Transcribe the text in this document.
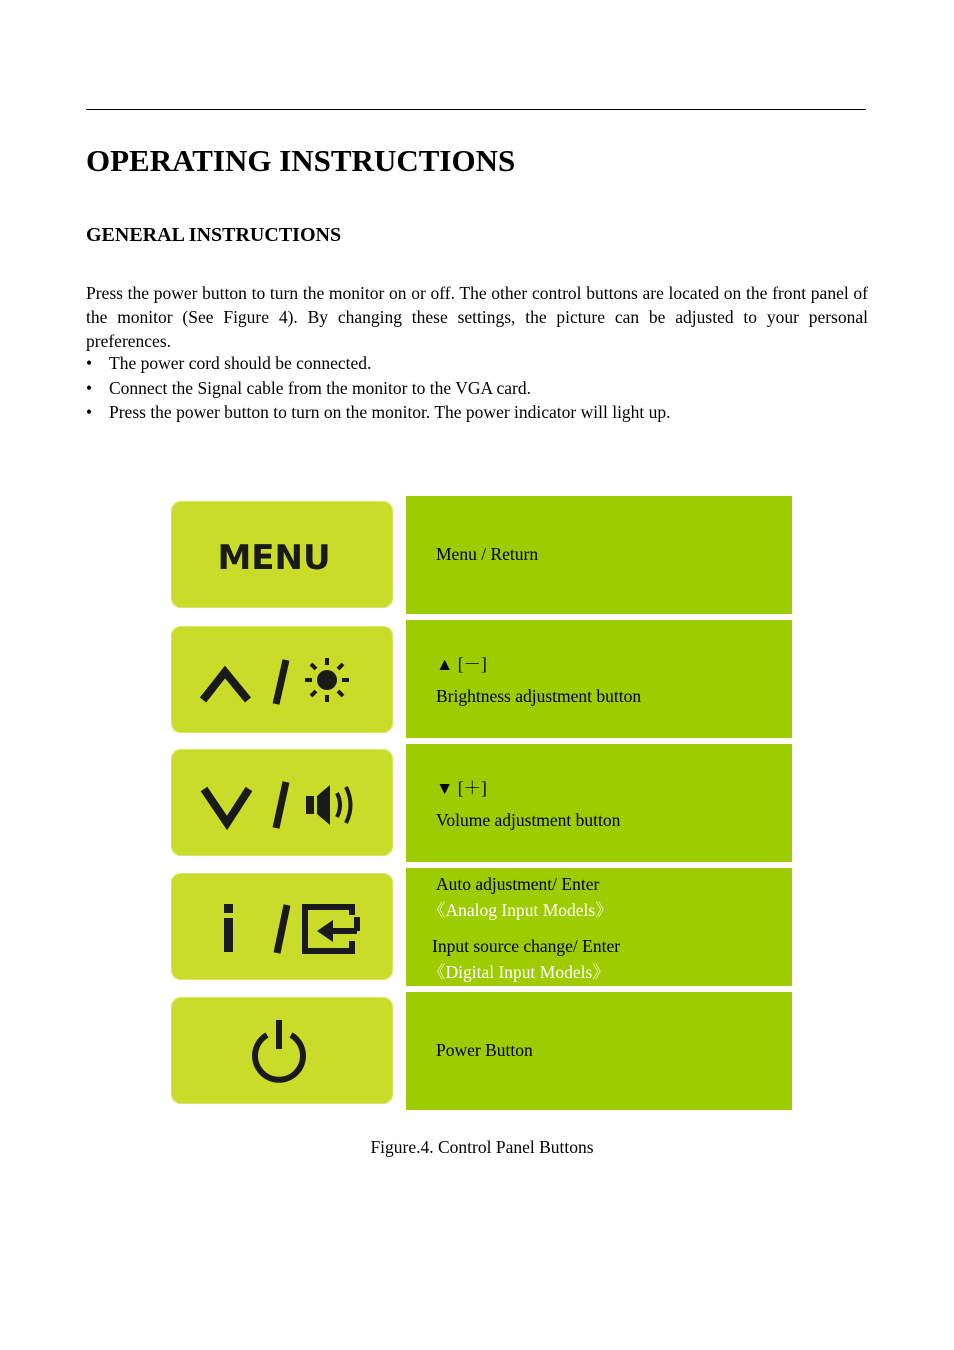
OPERATING INSTRUCTIONS
GENERAL INSTRUCTIONS

Press the power button to turn the monitor on or off. The other control buttons are located on the front panel of the monitor (See Figure 4). By changing these settings, the picture can be adjusted to your personal preferences.

• The power cord should be connected.
• Connect the Signal cable from the monitor to the VGA card.
• Press the power button to turn on the monitor. The power indicator will light up.
MENU	Menu / Return
▲ [－]
Brightness adjustment button
▼ [＋]
Volume adjustment button
Auto adjustment/ Enter
《Analog Input Models》
Input source change/ Enter
《Digital Input Models》
Power Button
Figure.4. Control Panel Buttons
